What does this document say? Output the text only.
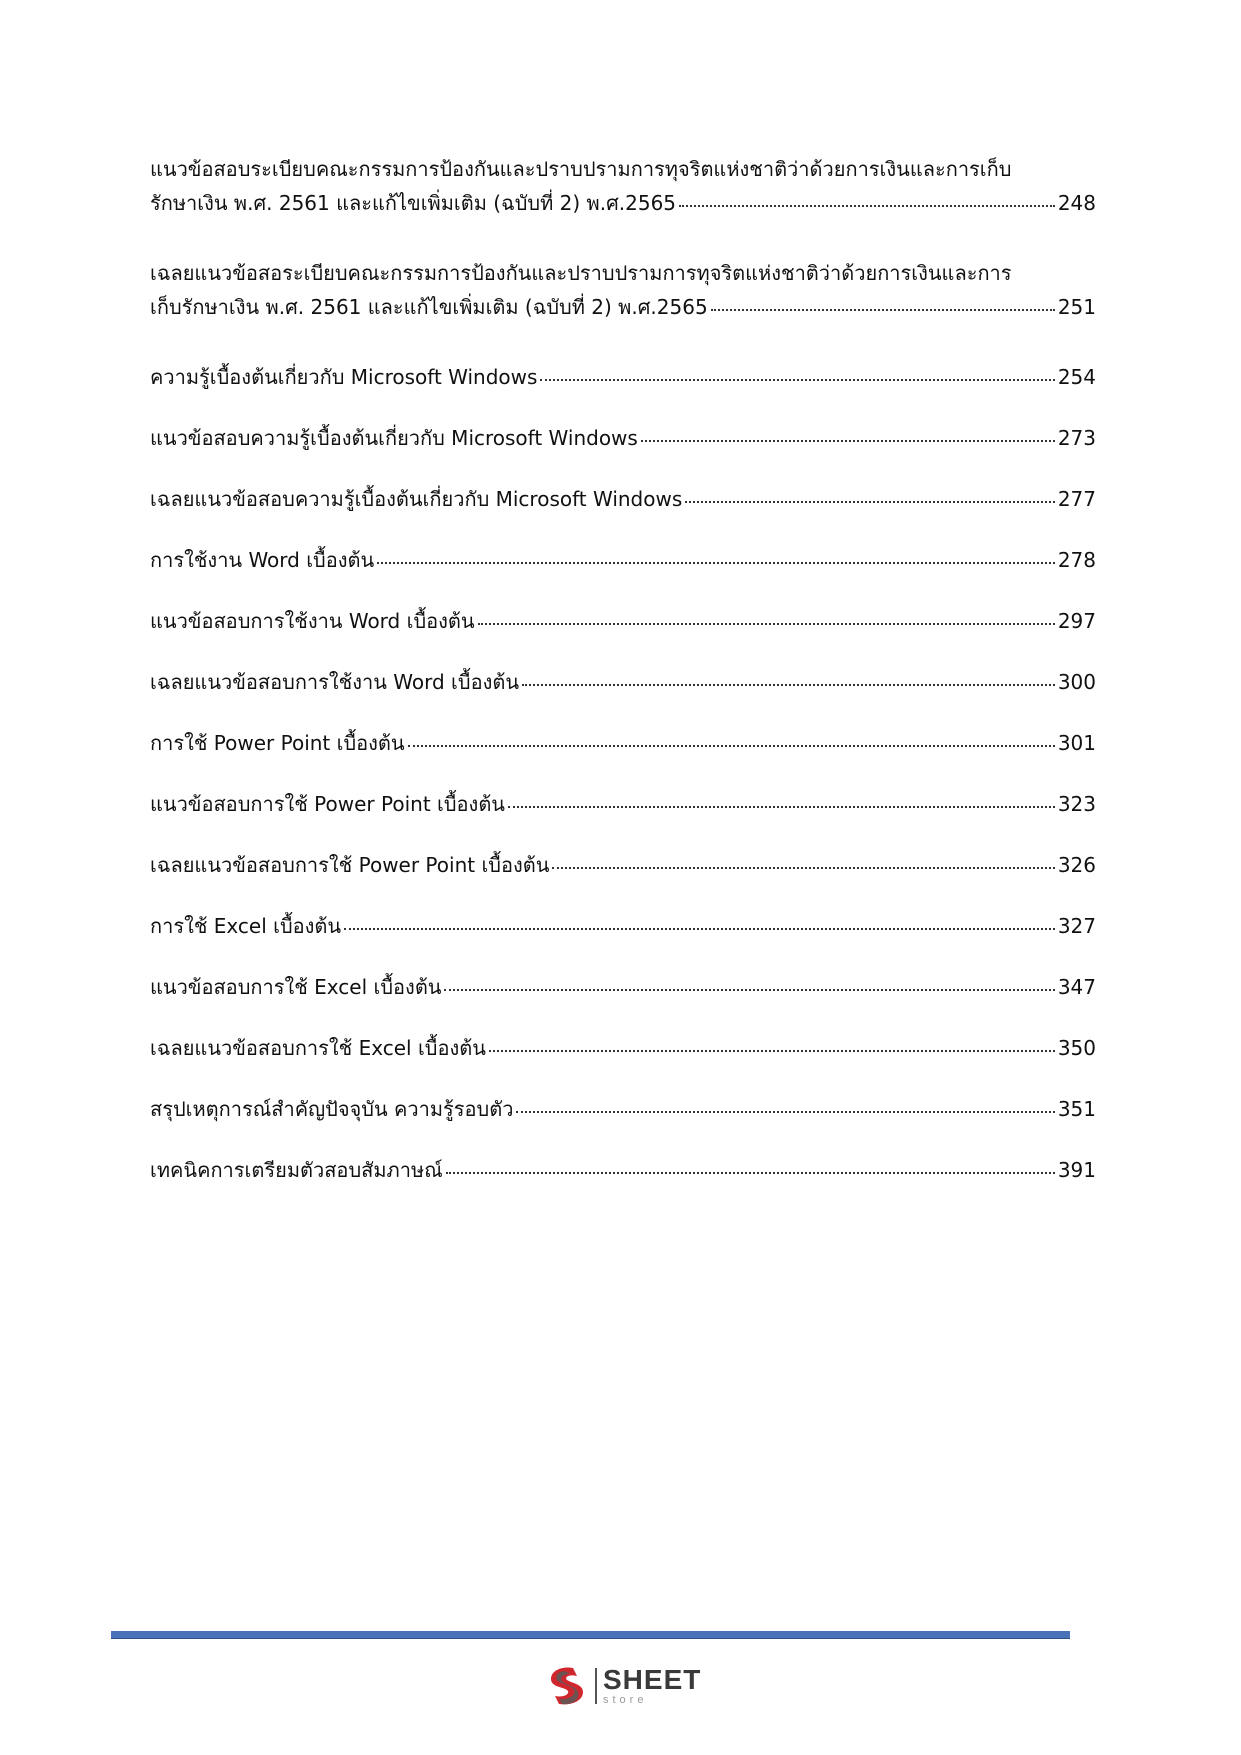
แนวข้อสอบระเบียบคณะกรรมการป้องกันและปราบปรามการทุจริตแห่งชาติว่าด้วยการเงินและการเก็บ
รักษาเงิน พ.ศ. 2561 และแก้ไขเพิ่มเติม (ฉบับที่ 2) พ.ศ.2565	248
เฉลยแนวข้อสอระเบียบคณะกรรมการป้องกันและปราบปรามการทุจริตแห่งชาติว่าด้วยการเงินและการ
เก็บรักษาเงิน พ.ศ. 2561 และแก้ไขเพิ่มเติม (ฉบับที่ 2) พ.ศ.2565	251
ความรู้เบื้องต้นเกี่ยวกับ Microsoft Windows	254
แนวข้อสอบความรู้เบื้องต้นเกี่ยวกับ Microsoft Windows	273
เฉลยแนวข้อสอบความรู้เบื้องต้นเกี่ยวกับ Microsoft Windows	277
การใช้งาน Word เบื้องต้น	278
แนวข้อสอบการใช้งาน Word เบื้องต้น	297
เฉลยแนวข้อสอบการใช้งาน Word เบื้องต้น	300
การใช้ Power Point เบื้องต้น	301
แนวข้อสอบการใช้ Power Point เบื้องต้น	323
เฉลยแนวข้อสอบการใช้ Power Point เบื้องต้น	326
การใช้ Excel เบื้องต้น	327
แนวข้อสอบการใช้ Excel เบื้องต้น	347
เฉลยแนวข้อสอบการใช้ Excel เบื้องต้น	350
สรุปเหตุการณ์สำคัญปัจจุบัน ความรู้รอบตัว	351
เทคนิคการเตรียมตัวสอบสัมภาษณ์	391
SHEET
store
